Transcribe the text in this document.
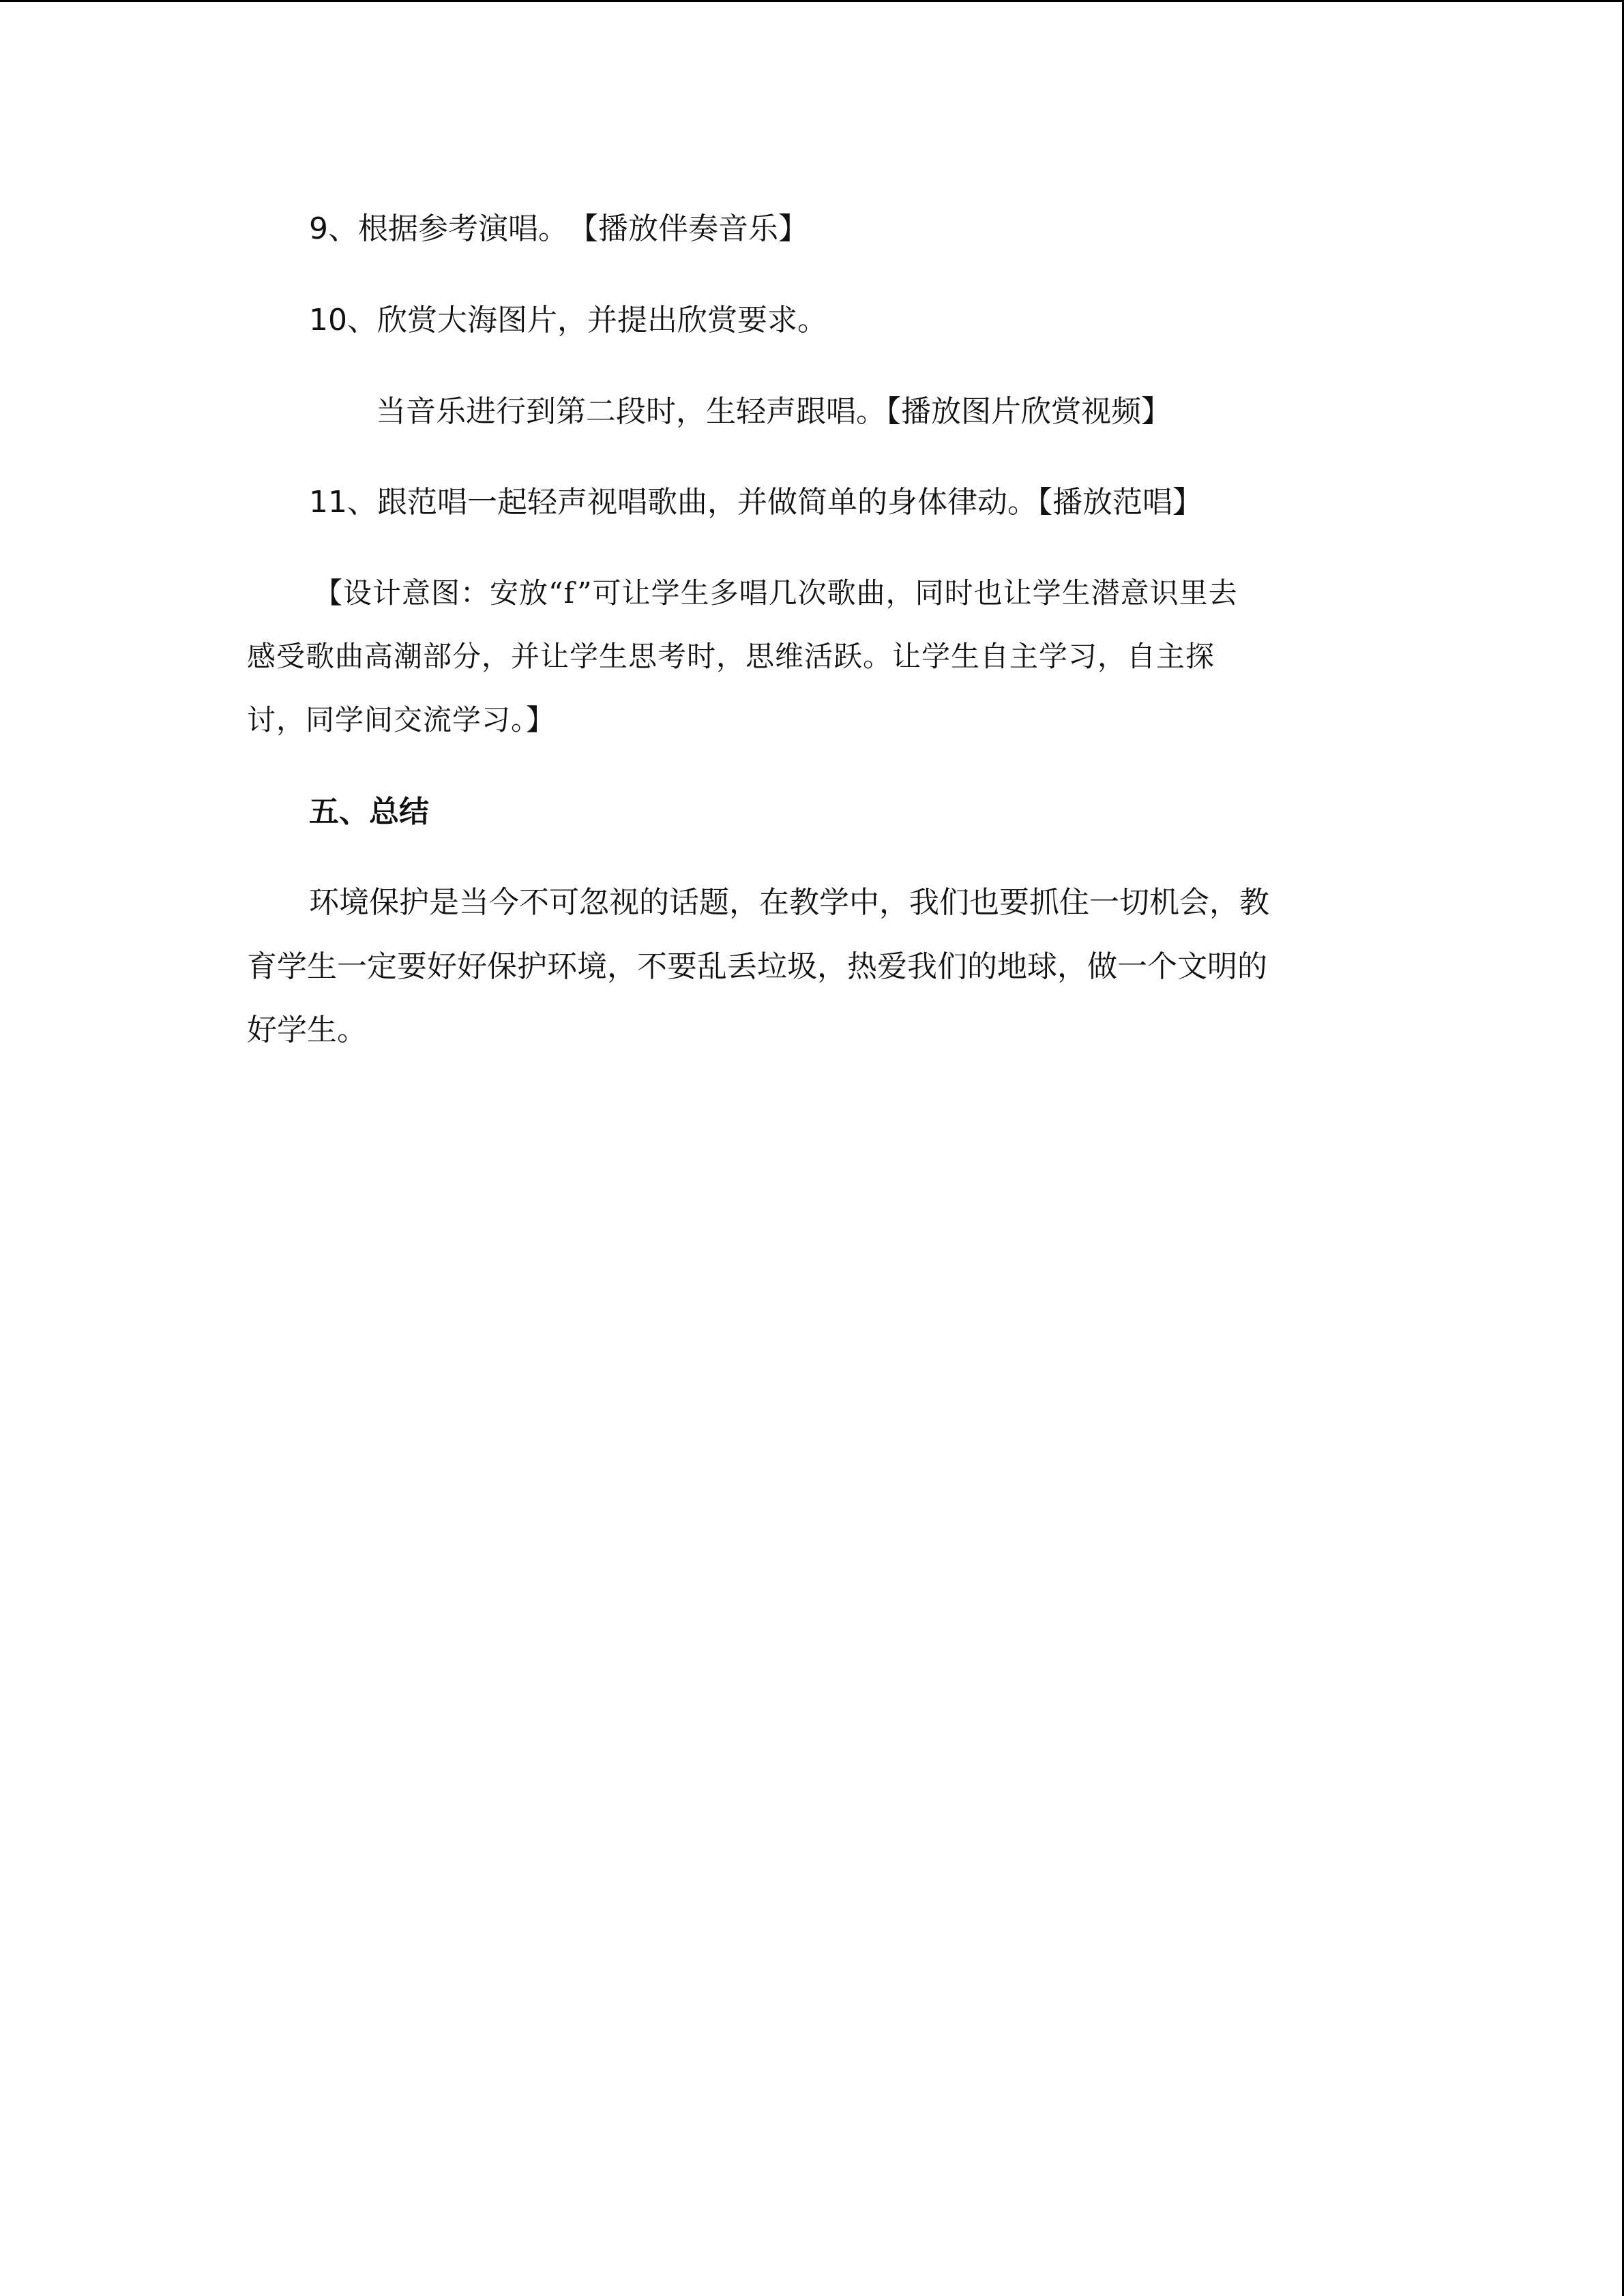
9、根据参考演唱。　【播放伴奏音乐】

10、欣赏大海图片，并提出欣赏要求。

当音乐进行到第二段时，生轻声跟唱。【播放图片欣赏视频】

11、跟范唱一起轻声视唱歌曲，并做简单的身体律动。【播放范唱】

【设计意图：安放“f”可让学生多唱几次歌曲，同时也让学生潜意识里去

感受歌曲高潮部分，并让学生思考时，思维活跃。让学生自主学习，自主探

讨，同学间交流学习。】

五、总结

环境保护是当今不可忽视的话题，在教学中，我们也要抓住一切机会，教

育学生一定要好好保护环境，不要乱丢垃圾，热爱我们的地球，做一个文明的

好学生。
